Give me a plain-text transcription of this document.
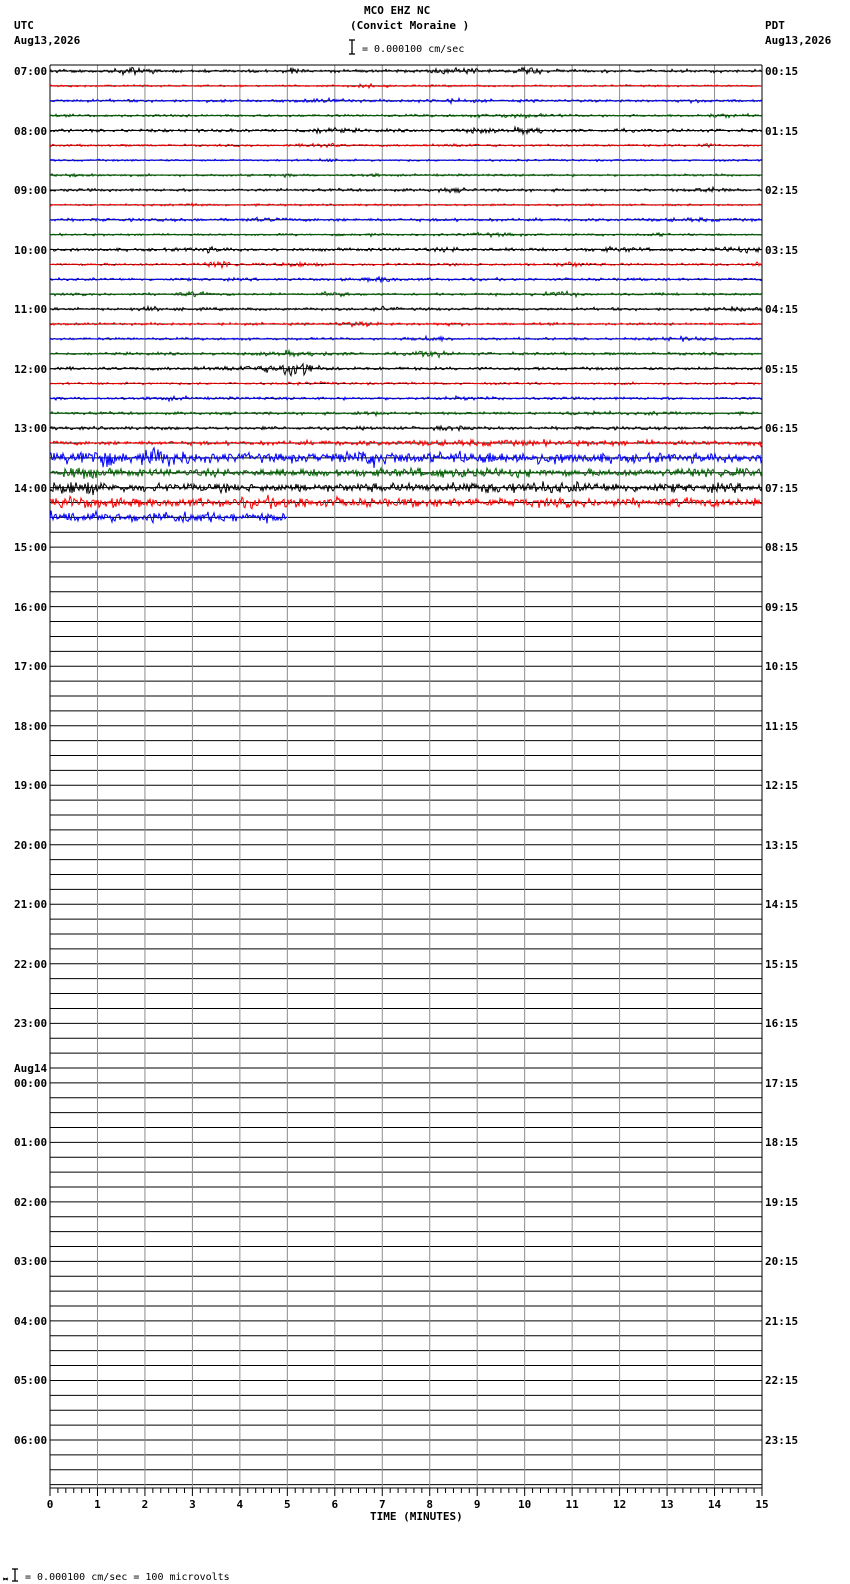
0	1	2	3	4	5	6	7	8	9	10	11	12	13	14	15
MCO EHZ NC
(Convict Moraine )
= 0.000100 cm/sec
UTC
Aug13,2026
PDT
Aug13,2026
TIME (MINUTES)
= 0.000100 cm/sec = 100 microvolts
07:00
08:00
09:00
10:00
11:00
12:00
13:00
14:00
15:00
16:00
17:00
18:00
19:00
20:00
21:00
22:00
23:00
Aug14
00:00
01:00
02:00
03:00
04:00
05:00
06:00
00:15
01:15
02:15
03:15
04:15
05:15
06:15
07:15
08:15
09:15
10:15
11:15
12:15
13:15
14:15
15:15
16:15
17:15
18:15
19:15
20:15
21:15
22:15
23:15
